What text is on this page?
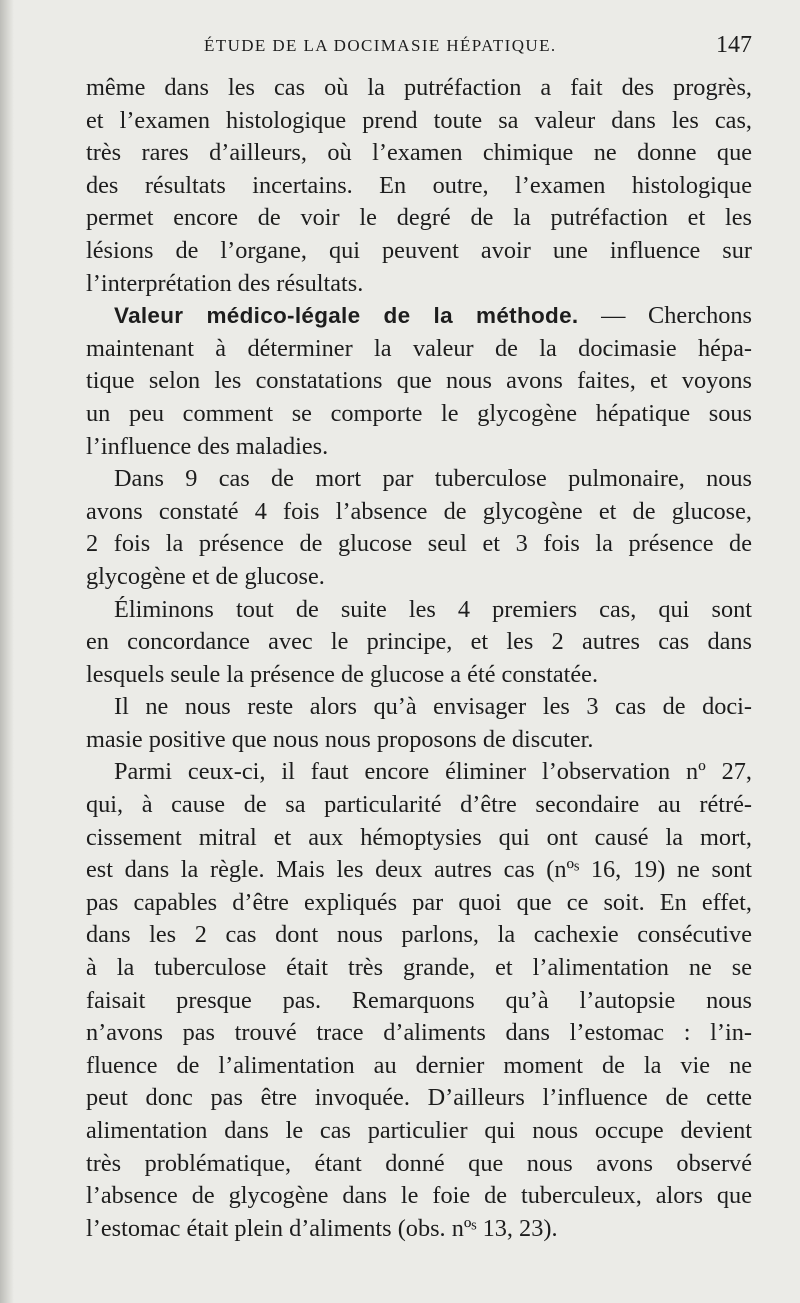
ÉTUDE DE LA DOCIMASIE HÉPATIQUE.	147
même dans les cas où la putréfaction a fait des progrès,
et l’examen histologique prend toute sa valeur dans les cas,
très rares d’ailleurs, où l’examen chimique ne donne que
des résultats incertains. En outre, l’examen histologique
permet encore de voir le degré de la putréfaction et les
lésions de l’organe, qui peuvent avoir une influence sur
l’interprétation des résultats.
Valeur médico-légale de la méthode. — Cherchons
maintenant à déterminer la valeur de la docimasie hépa-
tique selon les constatations que nous avons faites, et voyons
un peu comment se comporte le glycogène hépatique sous
l’influence des maladies.
Dans 9 cas de mort par tuberculose pulmonaire, nous
avons constaté 4 fois l’absence de glycogène et de glucose,
2 fois la présence de glucose seul et 3 fois la présence de
glycogène et de glucose.
Éliminons tout de suite les 4 premiers cas, qui sont
en concordance avec le principe, et les 2 autres cas dans
lesquels seule la présence de glucose a été constatée.
Il ne nous reste alors qu’à envisager les 3 cas de doci-
masie positive que nous nous proposons de discuter.
Parmi ceux-ci, il faut encore éliminer l’observation nº 27,
qui, à cause de sa particularité d’être secondaire au rétré-
cissement mitral et aux hémoptysies qui ont causé la mort,
est dans la règle. Mais les deux autres cas (nºˢ 16, 19) ne sont
pas capables d’être expliqués par quoi que ce soit. En effet,
dans les 2 cas dont nous parlons, la cachexie consécutive
à la tuberculose était très grande, et l’alimentation ne se
faisait presque pas. Remarquons qu’à l’autopsie nous
n’avons pas trouvé trace d’aliments dans l’estomac : l’in-
fluence de l’alimentation au dernier moment de la vie ne
peut donc pas être invoquée. D’ailleurs l’influence de cette
alimentation dans le cas particulier qui nous occupe devient
très problématique, étant donné que nous avons observé
l’absence de glycogène dans le foie de tuberculeux, alors que
l’estomac était plein d’aliments (obs. nºˢ 13, 23).
